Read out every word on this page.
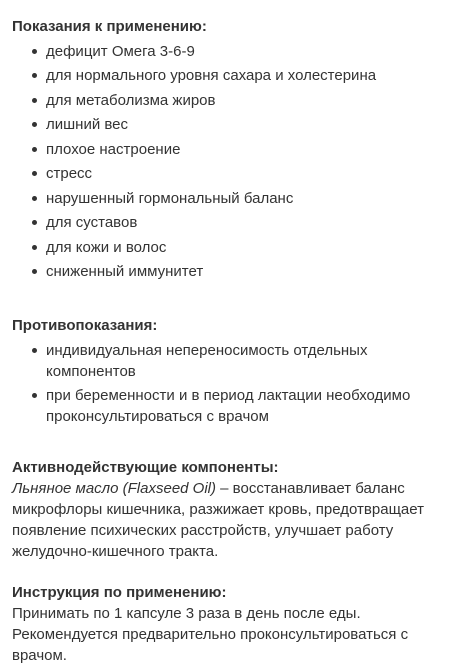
Показания к применению:
дефицит Омега 3-6-9
для нормального уровня сахара и холестерина
для метаболизма жиров
лишний вес
плохое настроение
стресс
нарушенный гормональный баланс
для суставов
для кожи и волос
сниженный иммунитет
Противопоказания:
индивидуальная непереносимость отдельных компонентов
при беременности и в период лактации необходимо проконсультироваться с врачом
Активнодействующие компоненты:

Льняное масло (Flaxseed Oil) – восстанавливает баланс микрофлоры кишечника, разжижает кровь, предотвращает появление психических расстройств, улучшает работу желудочно-кишечного тракта.

Инструкция по применению:

Принимать по 1 капсуле 3 раза в день после еды. Рекомендуется предварительно проконсультироваться с врачом.
